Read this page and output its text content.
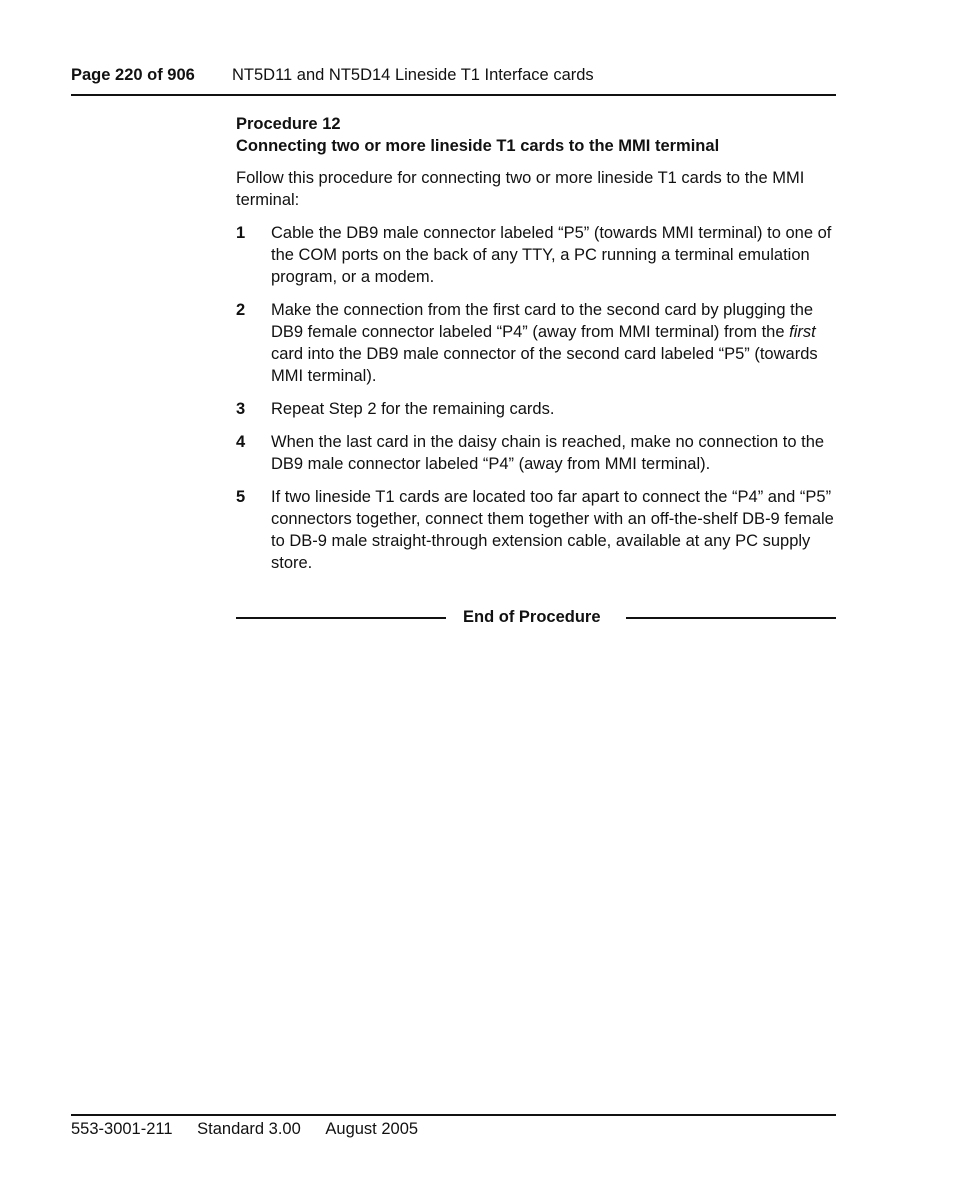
Page 220 of 906 NT5D11 and NT5D14 Lineside T1 Interface cards
Procedure 12
Connecting two or more lineside T1 cards to the MMI terminal
Follow this procedure for connecting two or more lineside T1 cards to the MMI terminal:
1 Cable the DB9 male connector labeled “P5” (towards MMI terminal) to one of the COM ports on the back of any TTY, a PC running a terminal emulation program, or a modem.
2 Make the connection from the first card to the second card by plugging the DB9 female connector labeled “P4” (away from MMI terminal) from the first card into the DB9 male connector of the second card labeled “P5” (towards MMI terminal).
3 Repeat Step 2 for the remaining cards.
4 When the last card in the daisy chain is reached, make no connection to the DB9 male connector labeled “P4” (away from MMI terminal).
5 If two lineside T1 cards are located too far apart to connect the “P4” and “P5” connectors together, connect them together with an off-the-shelf DB-9 female to DB-9 male straight-through extension cable, available at any PC supply store.
End of Procedure
553-3001-211 Standard 3.00 August 2005
